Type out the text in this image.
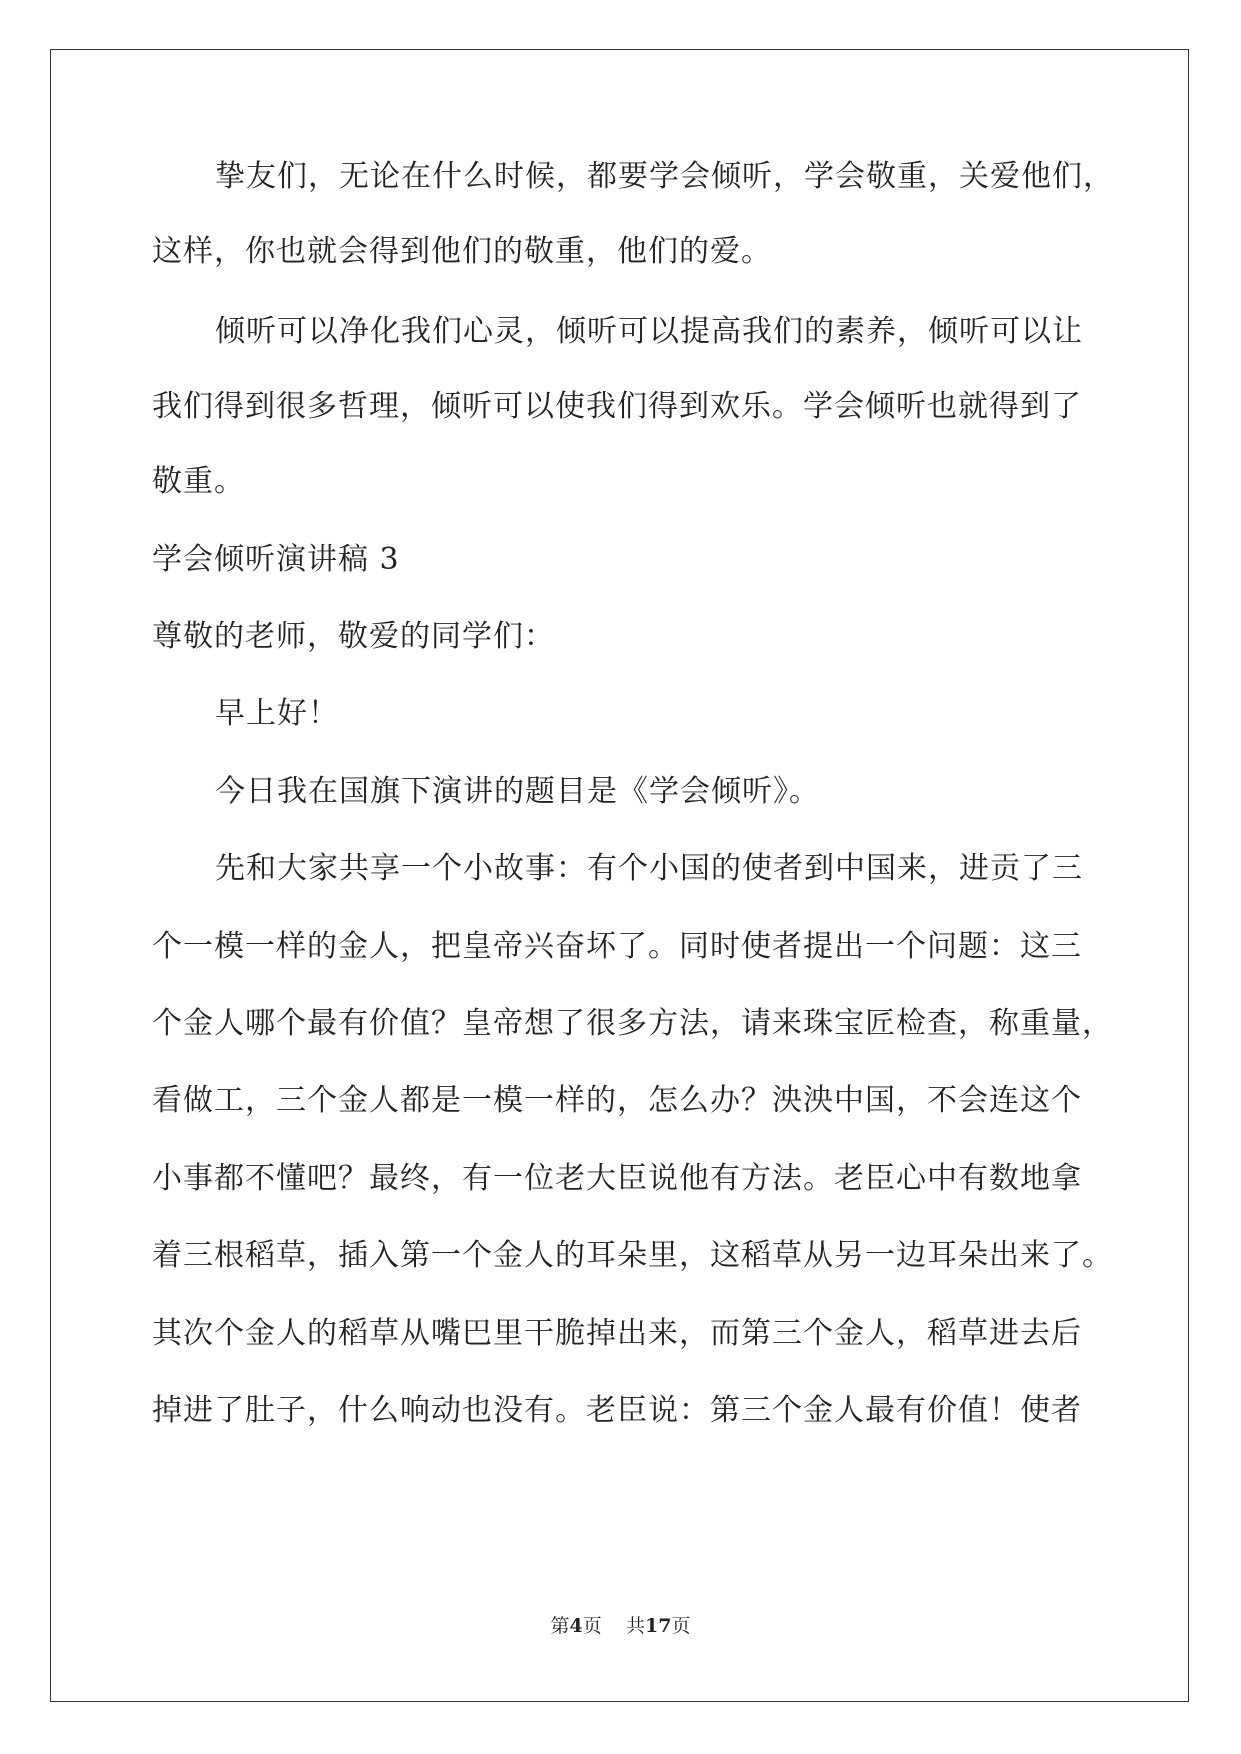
挚友们，无论在什么时候，都要学会倾听，学会敬重，关爱他们，
这样，你也就会得到他们的敬重，他们的爱。
倾听可以净化我们心灵，倾听可以提高我们的素养，倾听可以让
我们得到很多哲理，倾听可以使我们得到欢乐。学会倾听也就得到了
敬重。
学会倾听演讲稿 3
尊敬的老师，敬爱的同学们：
早上好！
今日我在国旗下演讲的题目是《学会倾听》。
先和大家共享一个小故事：有个小国的使者到中国来，进贡了三
个一模一样的金人，把皇帝兴奋坏了。同时使者提出一个问题：这三
个金人哪个最有价值？皇帝想了很多方法，请来珠宝匠检查，称重量，
看做工，三个金人都是一模一样的，怎么办？泱泱中国，不会连这个
小事都不懂吧？最终，有一位老大臣说他有方法。老臣心中有数地拿
着三根稻草，插入第一个金人的耳朵里，这稻草从另一边耳朵出来了。
其次个金人的稻草从嘴巴里干脆掉出来，而第三个金人，稻草进去后
掉进了肚子，什么响动也没有。老臣说：第三个金人最有价值！使者
第4页 共17页
